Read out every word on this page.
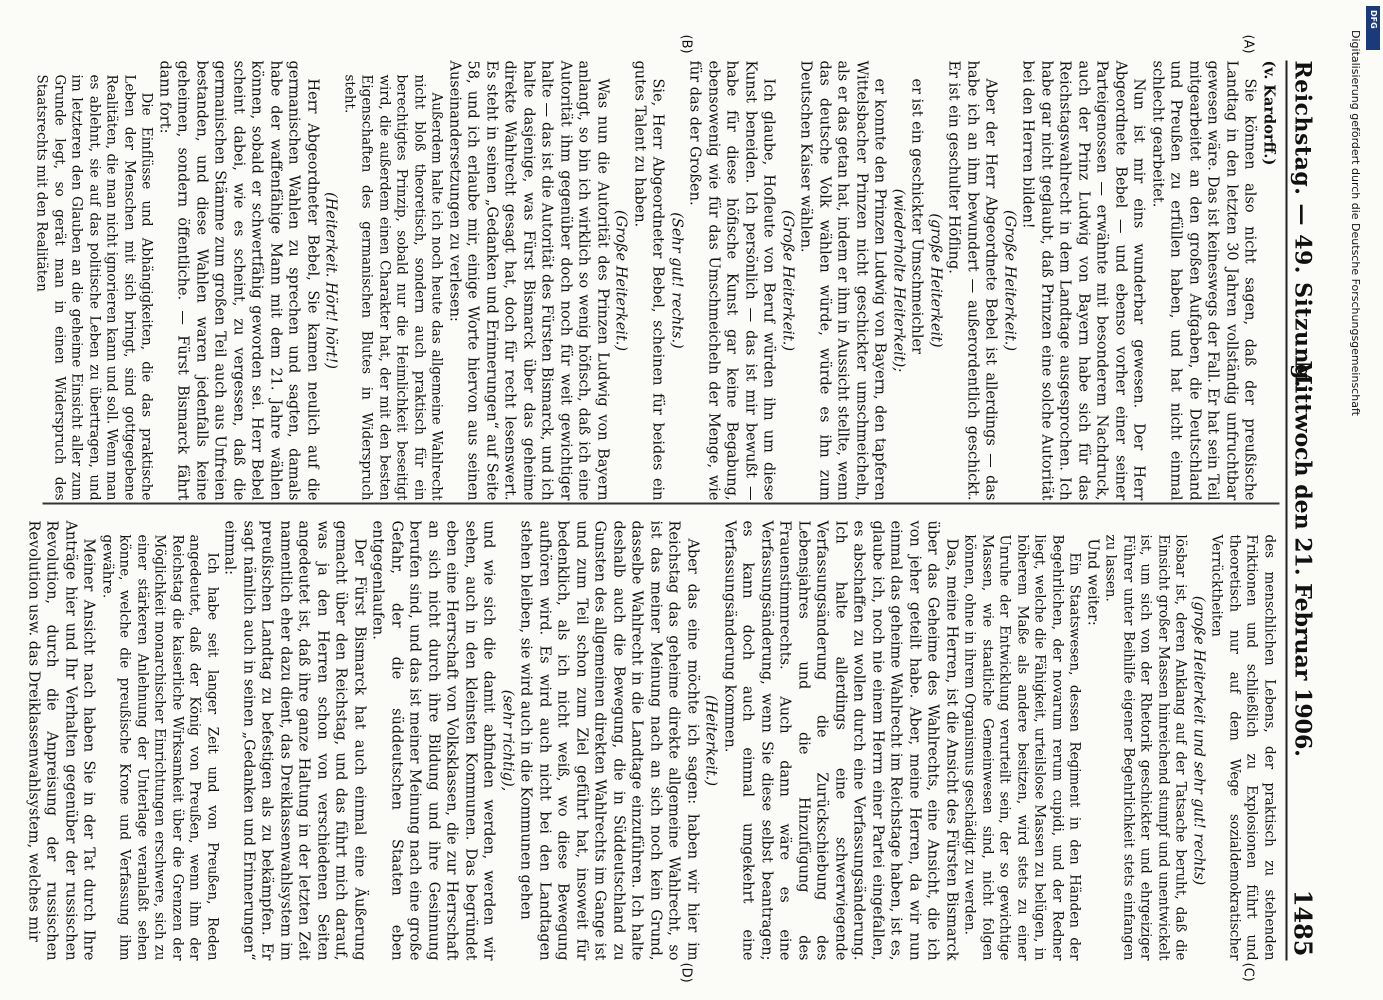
Reichstag. — 49. Sitzung.
Mittwoch den 21. Februar 1906.
1485
(A)
(B)
(C)
(D)

(v. Kardorff.)

Sie können also nicht sagen, daß der preußische Landtag in den letzten 30 Jahren vollständig unfruchtbar gewesen wäre. Das ist keineswegs der Fall. Er hat sein Teil mitgearbeitet an den großen Aufgaben, die Deutschland und Preußen zu erfüllen haben, und hat nicht einmal schlecht gearbeitet.

Nun ist mir eins wunderbar gewesen. Der Herr Abgeordnete Bebel — und ebenso vorher einer seiner Parteigenossen — erwähnte mit besonderem Nachdruck, auch der Prinz Ludwig von Bayern habe sich für das Reichstagswahlrecht in dem Landtage ausgesprochen. Ich habe gar nicht geglaubt, daß Prinzen eine solche Autorität bei den Herren bilden!

(Große Heiterkeit.)

Aber der Herr Abgeordnete Bebel ist allerdings — das habe ich an ihm bewundert — außerordentlich geschickt. Er ist ein geschulter Höfling.

(große Heiterkeit)

er ist ein geschickter Umschmeichler

(wiederholte Heiterkeit);

er konnte den Prinzen Ludwig von Bayern, den tapferen Wittelsbacher Prinzen nicht geschickter umschmeicheln, als er das getan hat, indem er ihm in Aussicht stellte, wenn das deutsche Volk wählen würde, würde es ihn zum Deutschen Kaiser wählen.

(Große Heiterkeit.)

Ich glaube, Hofleute von Beruf würden ihn um diese Kunst beneiden. Ich persönlich — das ist mir bewußt — habe für diese höfische Kunst gar keine Begabung, ebensowenig wie für das Umschmeicheln der Menge, wie für das der Großen.

(Sehr gut! rechts.)

Sie, Herr Abgeordneter Bebel, scheinen für beides ein gutes Talent zu haben.

(Große Heiterkeit.)

Was nun die Autorität des Prinzen Ludwig von Bayern anlangt, so bin ich wirklich so wenig höfisch, daß ich eine Autorität ihm gegenüber doch noch für weit gewichtiger halte — das ist die Autorität des Fürsten Bismarck, und ich halte dasjenige, was Fürst Bismarck über das geheime direkte Wahlrecht gesagt hat, doch für recht lesenswert. Es steht in seinen „Gedanken und Erinnerungen“ auf Seite 58, und ich erlaube mir, einige Worte hiervon aus seinen Auseinandersetzungen zu verlesen:

Außerdem halte ich noch heute das allgemeine Wahlrecht nicht bloß theoretisch, sondern auch praktisch für ein berechtigtes Prinzip, sobald nur die Heimlichkeit beseitigt wird, die außerdem einen Charakter hat, der mit den besten Eigenschaften des germanischen Blutes in Widerspruch steht.

(Heiterkeit. Hört! hört!)

Herr Abgeordneter Bebel, Sie kamen neulich auf die germanischen Wahlen zu sprechen und sagten, damals habe der waffenfähige Mann mit dem 21. Jahre wählen können, sobald er schwertfähig geworden sei. Herr Bebel scheint dabei, wie es scheint, zu vergessen, daß die germanischen Stämme zum großen Teil auch aus Unfreien bestanden, und diese Wahlen waren jedenfalls keine geheimen, sondern öffentliche. — Fürst Bismarck fährt dann fort:

Die Einflüsse und Abhängigkeiten, die das praktische Leben der Menschen mit sich bringt, sind gottgegebene Realitäten, die man nicht ignorieren kann und soll. Wenn man es ablehnt, sie auf das politische Leben zu übertragen, und im letzteren den Glauben an die geheime Einsicht aller zum Grunde legt, so gerät man in einen Widerspruch des Staatsrechts mit den Realitäten

des menschlichen Lebens, der praktisch zu stehenden Friktionen und schließlich zu Explosionen führt und theoretisch nur auf dem Wege sozialdemokratischer Verrücktheiten

(große Heiterkeit und sehr gut! rechts)

lösbar ist, deren Anklang auf der Tatsache beruht, daß die Einsicht großer Massen hinreichend stumpf und unentwickelt ist, um sich von der Rhetorik geschickter und ehrgeiziger Führer unter Beihilfe eigener Begehrlichkeit stets einfangen zu lassen.

Und weiter:

Ein Staatswesen, dessen Regiment in den Händen der Begehrlichen, der novarum rerum cupidi, und der Redner liegt, welche die Fähigkeit, urteilslose Massen zu belügen, in höherem Maße als andere besitzen, wird stets zu einer Unruhe der Entwicklung verurteilt sein, der so gewichtige Massen, wie staatliche Gemeinwesen sind, nicht folgen können, ohne in ihrem Organismus geschädigt zu werden.

Das, meine Herren, ist die Ansicht des Fürsten Bismarck über das Geheime des Wahlrechts, eine Ansicht, die ich von jeher geteilt habe. Aber, meine Herren, da wir nun einmal das geheime Wahlrecht im Reichstage haben, ist es, glaube ich, noch nie einem Herrn einer Partei eingefallen, es abschaffen zu wollen durch eine Verfassungsänderung. Ich halte allerdings eine schwerwiegende Verfassungsänderung die Zurückschiebung des Lebensjahres und die Hinzufügung des Frauenstimmrechts. Auch dann wäre es eine Verfassungsänderung, wenn Sie diese selbst beantragen; es kann doch auch einmal umgekehrt eine Verfassungsänderung kommen.

(Heiterkeit.)

Aber das eine möchte ich sagen: haben wir hier im Reichstag das geheime direkte allgemeine Wahlrecht, so ist das meiner Meinung nach an sich noch kein Grund, dasselbe Wahlrecht in die Landtage einzuführen. Ich halte deshalb auch die Bewegung, die in Süddeutschland zu Gunsten des allgemeinen direkten Wahlrechts im Gange ist und zum Teil schon zum Ziel geführt hat, insoweit für bedenklich, als ich nicht weiß, wo diese Bewegung aufhören wird. Es wird auch nicht bei den Landtagen stehen bleiben, sie wird auch in die Kommunen gehen

(sehr richtig),

und wie sich die damit abfinden werden, werden wir sehen, auch in den kleinsten Kommunen. Das begründet eben eine Herrschaft von Volksklassen, die zur Herrschaft an sich nicht durch ihre Bildung und ihre Gesinnung berufen sind, und das ist meiner Meinung nach eine große Gefahr, der die süddeutschen Staaten eben entgegenlaufen.

Der Fürst Bismarck hat auch einmal eine Äußerung gemacht über den Reichstag, und das führt mich darauf, was ja den Herren schon von verschiedenen Seiten angedeutet ist, daß ihre ganze Haltung in der letzten Zeit namentlich eher dazu dient, das Dreiklassenwahlsystem im preußischen Landtag zu befestigen als zu bekämpfen. Er sagt nämlich auch in seinen „Gedanken und Erinnerungen“ einmal:

Ich habe seit langer Zeit und von Preußen, Reden angedeutet, daß der König von Preußen, wenn ihm der Reichstag die kaiserliche Wirksamkeit über die Grenzen der Möglichkeit monarchischer Einrichtungen erschwere, sich zu einer stärkeren Anlehnung der Unterlage veranlaßt sehen könne, welche die preußische Krone und Verfassung ihm gewähre.

Meiner Ansicht nach haben Sie in der Tat durch Ihre Anträge hier und Ihr Verhalten gegenüber der russischen Revolution, durch die Anpreisung der russischen Revolution usw. das Dreiklassenwahlsystem, welches mir

Digitalisierung gefördert durch die Deutsche Forschungsgemeinschaft
DFG
